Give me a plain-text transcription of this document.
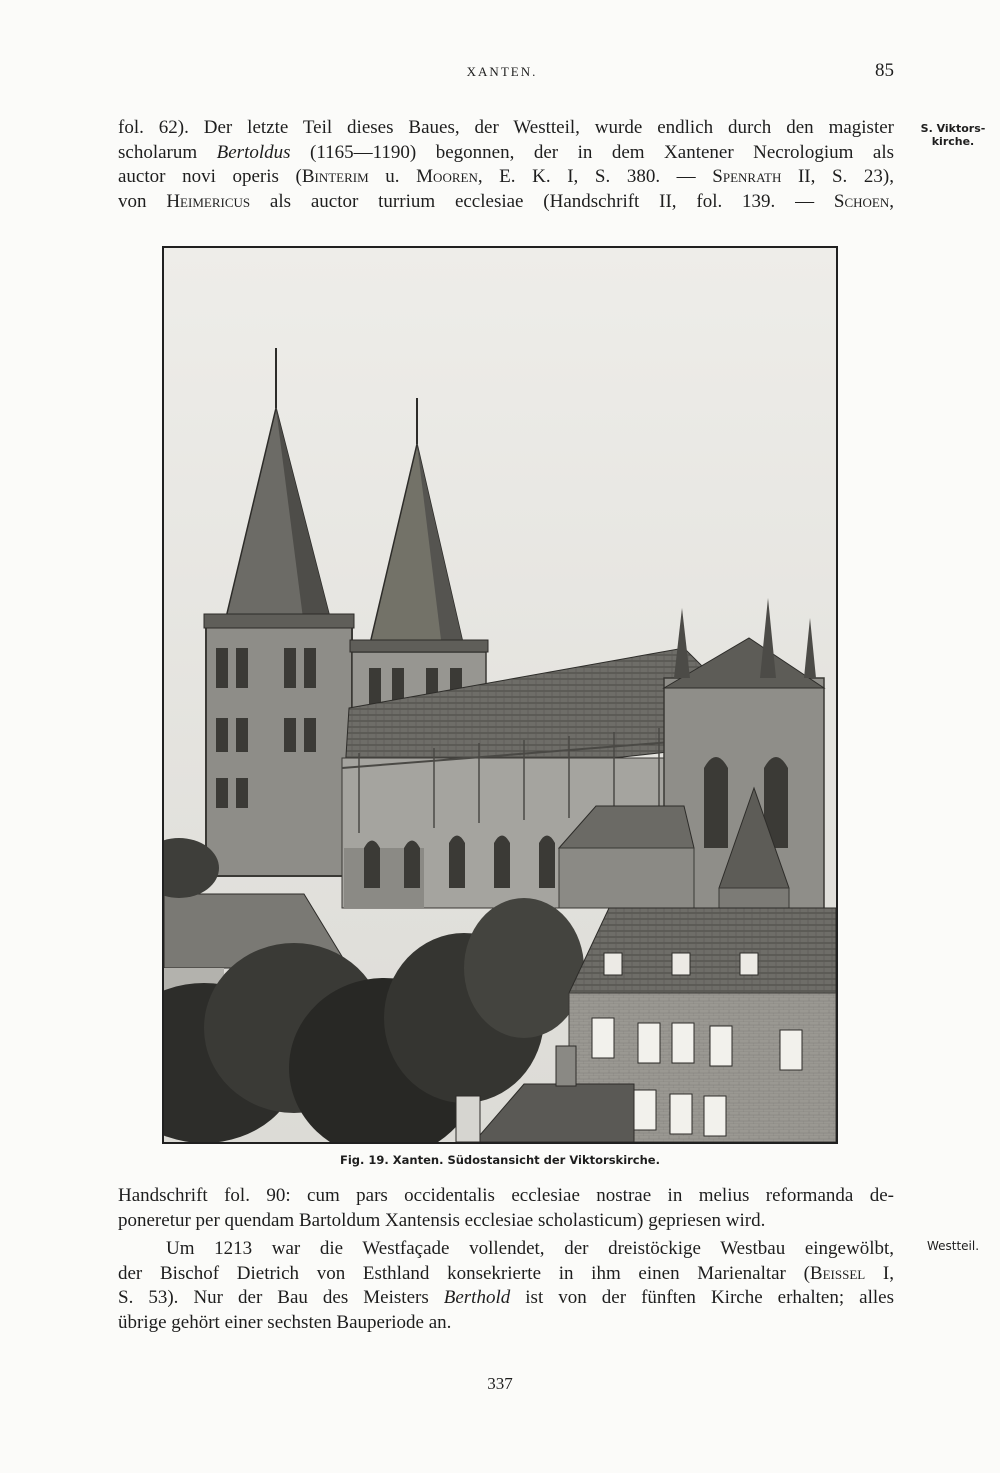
XANTEN.	85
S. Viktors-
kirche.
fol. 62). Der letzte Teil dieses Baues, der Westteil, wurde endlich durch den magister
scholarum Bertoldus (1165—1190) begonnen, der in dem Xantener Necrologium als
auctor novi operis (Binterim u. Mooren, E. K. I, S. 380. — Spenrath II, S. 23),
von Heimericus als auctor turrium ecclesiae (Handschrift II, fol. 139. — Schoen,
Fig. 19. Xanten. Südostansicht der Viktorskirche.
Handschrift fol. 90: cum pars occidentalis ecclesiae nostrae in melius reformanda de-
poneretur per quendam Bartoldum Xantensis ecclesiae scholasticum) gepriesen wird.
Westteil.
Um 1213 war die Westfaçade vollendet, der dreistöckige Westbau eingewölbt,
der Bischof Dietrich von Esthland konsekrierte in ihm einen Marienaltar (Beissel I,
S. 53). Nur der Bau des Meisters Berthold ist von der fünften Kirche erhalten; alles
übrige gehört einer sechsten Bauperiode an.
337
